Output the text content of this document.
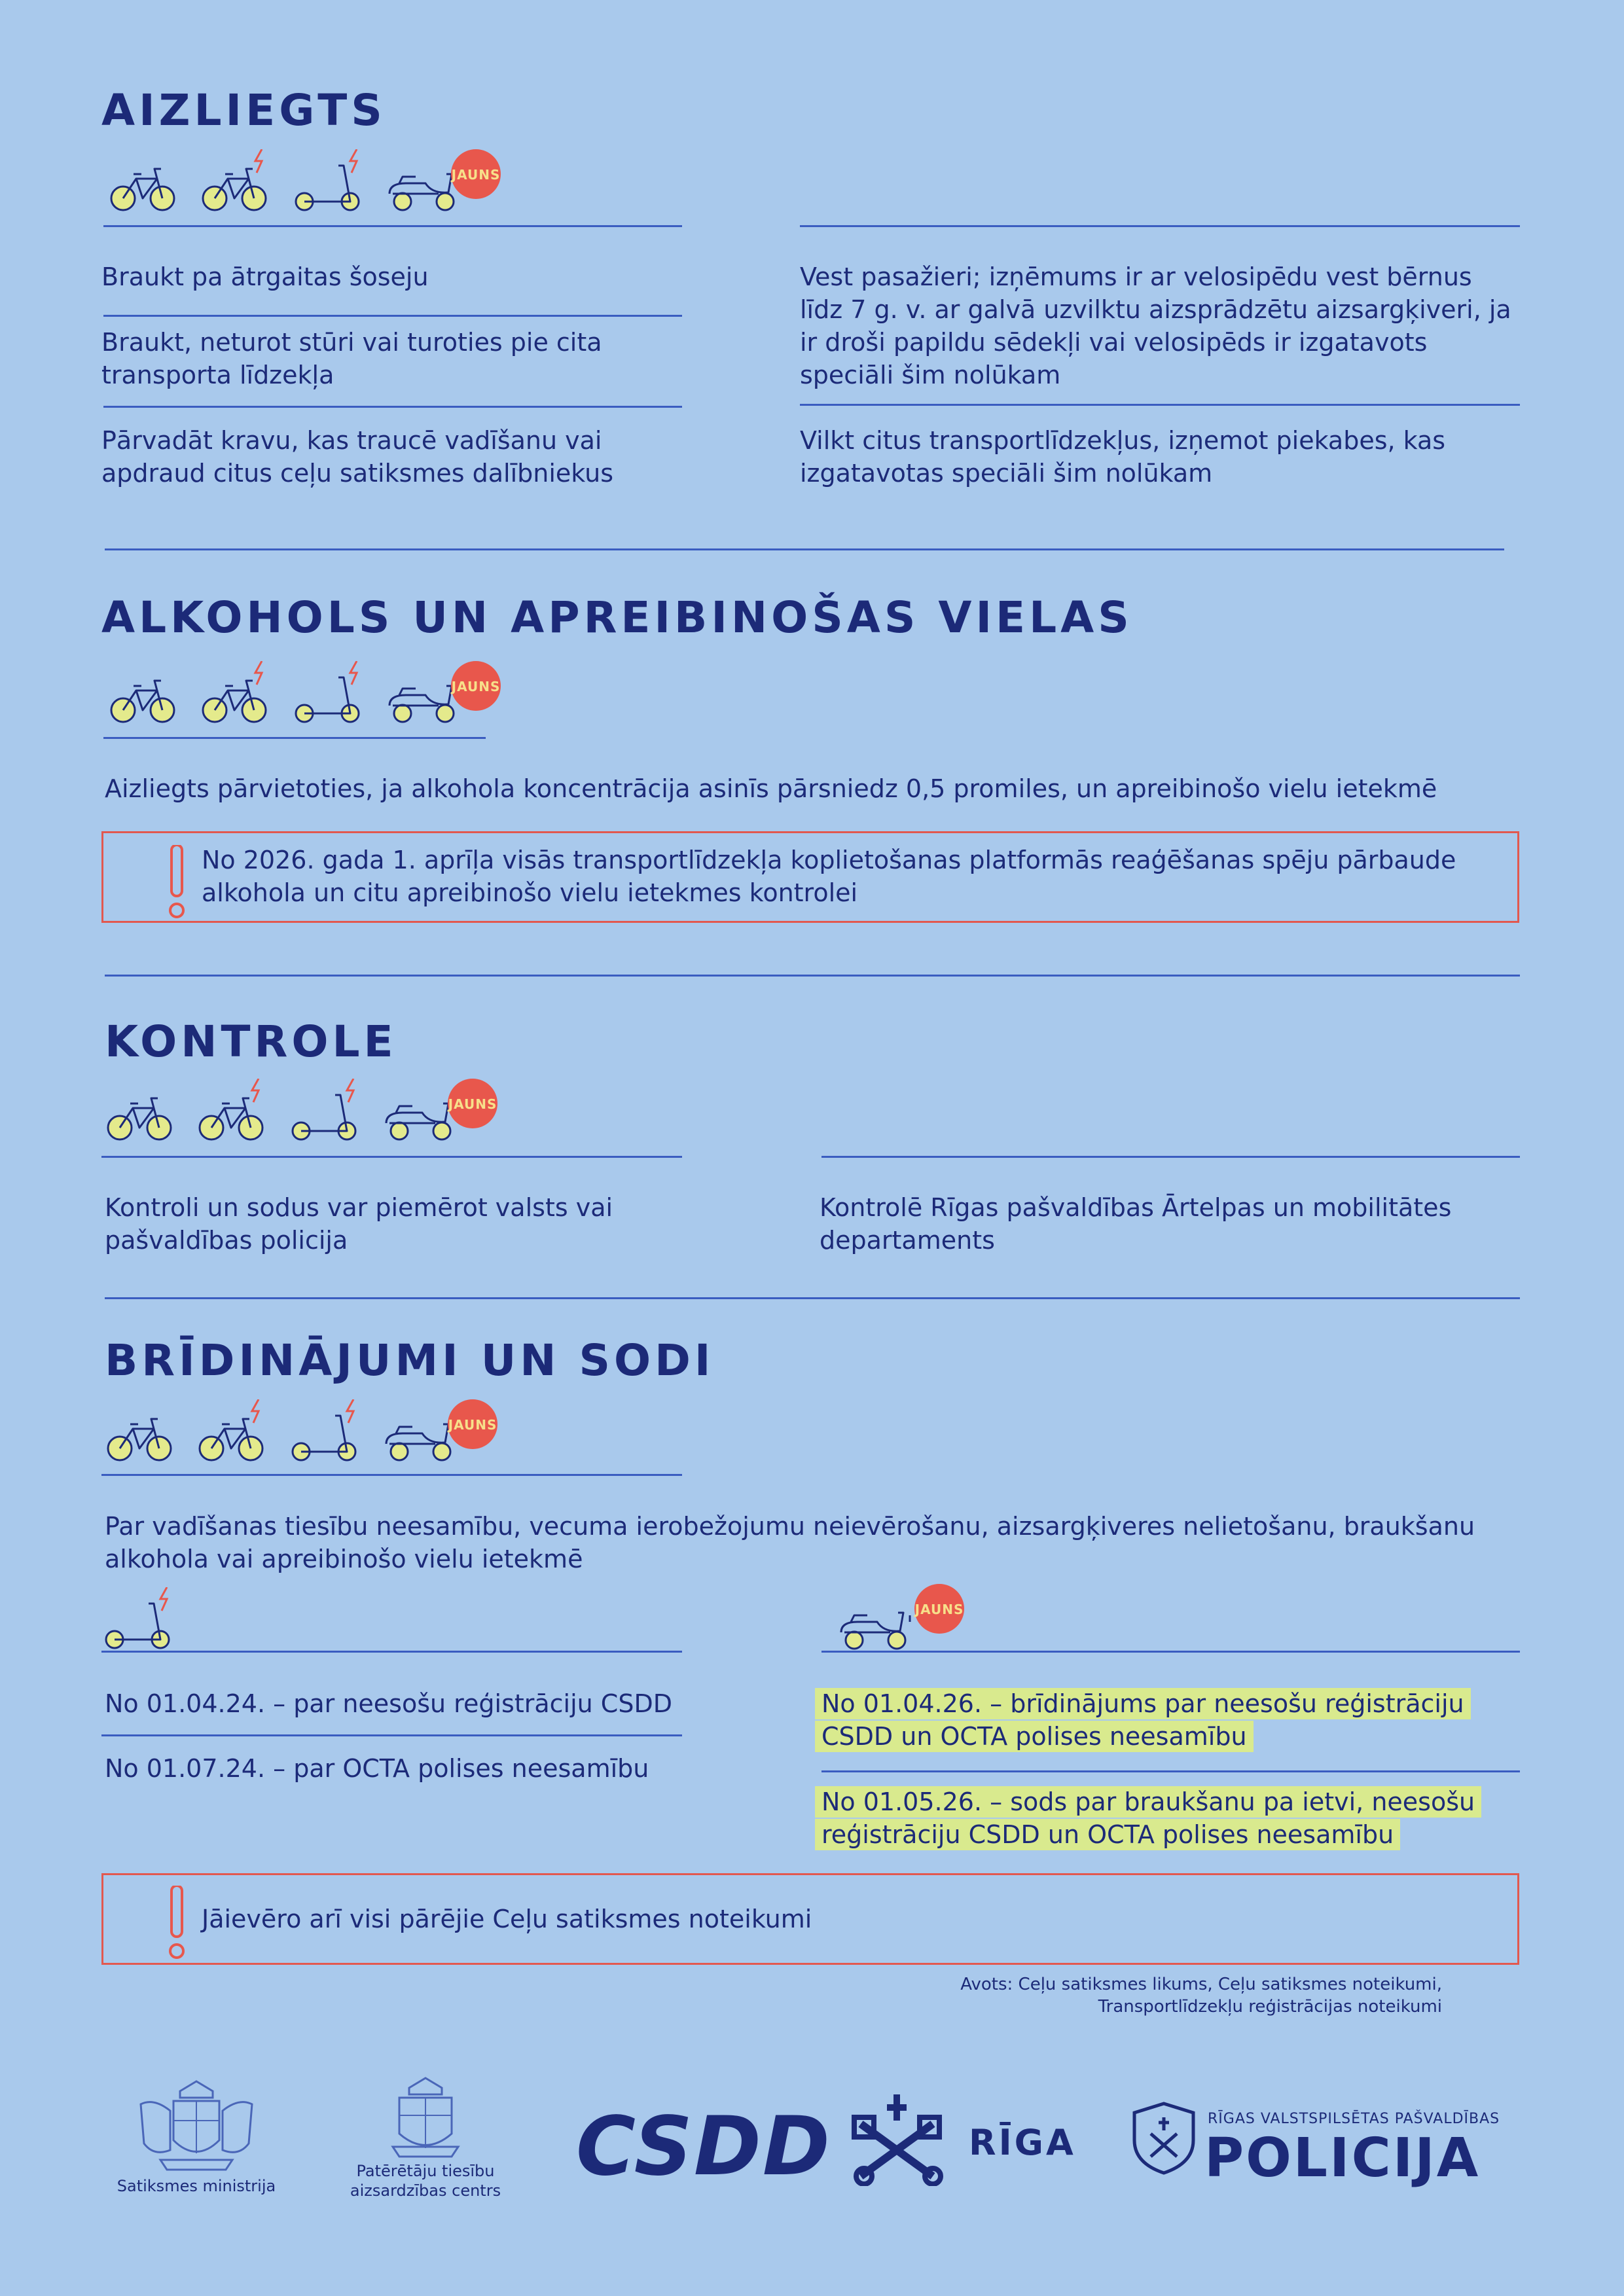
AIZLIEGTS
Braukt pa ātrgaitas šoseju
Braukt, neturot stūri vai turoties pie cita transporta līdzekļa
Pārvadāt kravu, kas traucē vadīšanu vai apdraud citus ceļu satiksmes dalībniekus
Vest pasažieri; izņēmums ir ar velosipēdu vest bērnus līdz 7 g. v. ar galvā uzvilktu aizsprādzētu aizsargķiveri, ja ir droši papildu sēdekļi vai velosipēds ir izgatavots speciāli šim nolūkam
Vilkt citus transportlīdzekļus, izņemot piekabes, kas izgatavotas speciāli šim nolūkam
ALKOHOLS UN APREIBINOŠAS VIELAS
Aizliegts pārvietoties, ja alkohola koncentrācija asinīs pārsniedz 0,5 promiles, un apreibinošo vielu ietekmē
No 2026. gada 1. aprīļa visās transportlīdzekļa koplietošanas platformās reaģēšanas spēju pārbaude alkohola un citu apreibinošo vielu ietekmes kontrolei
KONTROLE
Kontroli un sodus var piemērot valsts vai pašvaldības policija
Kontrolē Rīgas pašvaldības Ārtelpas un mobilitātes departaments
BRĪDINĀJUMI UN SODI
Par vadīšanas tiesību neesamību, vecuma ierobežojumu neievērošanu, aizsargķiveres nelietošanu, braukšanu alkohola vai apreibinošo vielu ietekmē
JAUNS
No 01.04.24. – par neesošu reģistrāciju CSDD
No 01.07.24. – par OCTA polises neesamību
No 01.04.26. – brīdinājums par neesošu reģistrāciju CSDD un OCTA polises neesamību
No 01.05.26. – sods par braukšanu pa ietvi, neesošu reģistrāciju CSDD un OCTA polises neesamību
Jāievēro arī visi pārējie Ceļu satiksmes noteikumi
Avots: Ceļu satiksmes likums, Ceļu satiksmes noteikumi,
Transportlīdzekļu reģistrācijas noteikumi
Satiksmes ministrija
Patērētāju tiesību
aizsardzības centrs CSDD	RĪGA
RĪGAS VALSTSPILSĒTAS PAŠVALDĪBAS
POLICIJA
